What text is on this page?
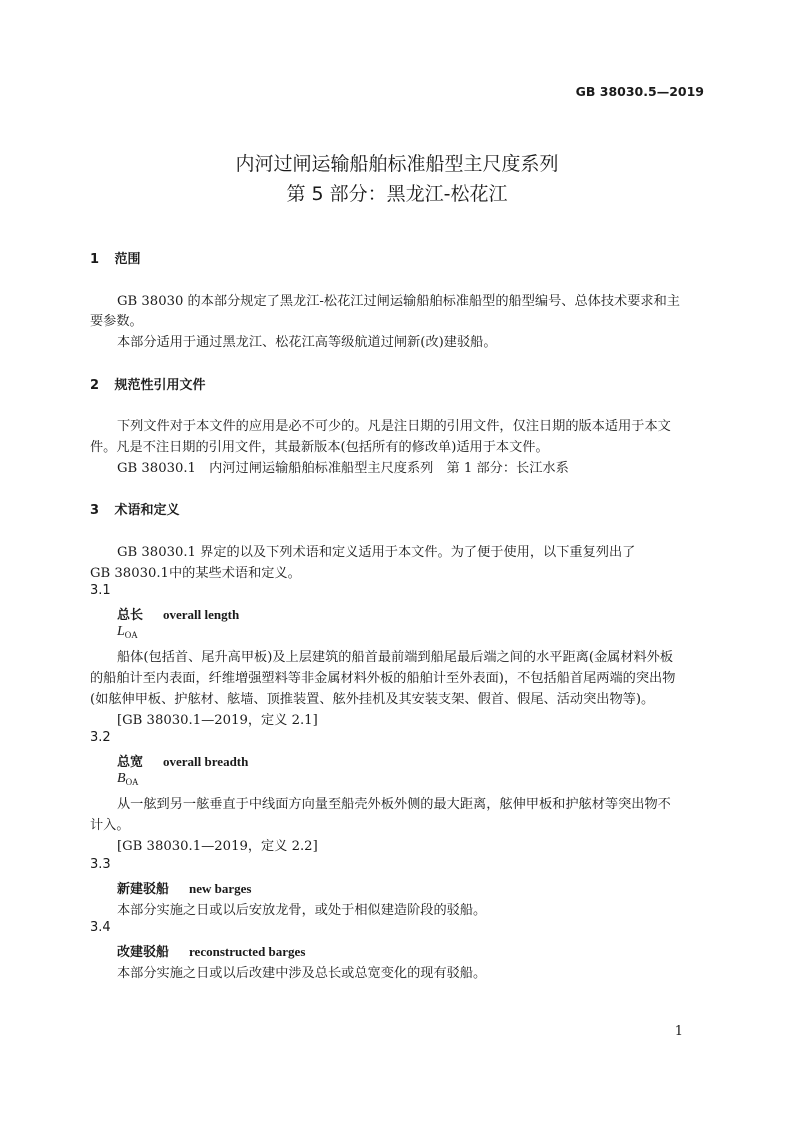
GB 38030.5—2019
内河过闸运输船舶标准船型主尺度系列
第 5 部分：黑龙江-松花江
1 范围
GB 38030 的本部分规定了黑龙江-松花江过闸运输船舶标准船型的船型编号、总体技术要求和主
要参数。
本部分适用于通过黑龙江、松花江高等级航道过闸新(改)建驳船。
2 规范性引用文件
下列文件对于本文件的应用是必不可少的。凡是注日期的引用文件，仅注日期的版本适用于本文
件。凡是不注日期的引用文件，其最新版本(包括所有的修改单)适用于本文件。
GB 38030.1　内河过闸运输船舶标准船型主尺度系列　第 1 部分：长江水系
3 术语和定义
GB 38030.1 界定的以及下列术语和定义适用于本文件。为了便于使用，以下重复列出了
GB 38030.1中的某些术语和定义。
3.1
总长 overall length
$L_{OA}$
船体(包括首、尾升高甲板)及上层建筑的船首最前端到船尾最后端之间的水平距离(金属材料外板
的船舶计至内表面，纤维增强塑料等非金属材料外板的船舶计至外表面)，不包括船首尾两端的突出物
(如舷伸甲板、护舷材、舷墙、顶推装置、舷外挂机及其安装支架、假首、假尾、活动突出物等)。
[GB 38030.1—2019，定义 2.1]
3.2
总宽 overall breadth
$B_{OA}$
从一舷到另一舷垂直于中线面方向量至船壳外板外侧的最大距离，舷伸甲板和护舷材等突出物不
计入。
[GB 38030.1—2019，定义 2.2]
3.3
新建驳船 new barges
本部分实施之日或以后安放龙骨，或处于相似建造阶段的驳船。
3.4
改建驳船 reconstructed barges
本部分实施之日或以后改建中涉及总长或总宽变化的现有驳船。
1
